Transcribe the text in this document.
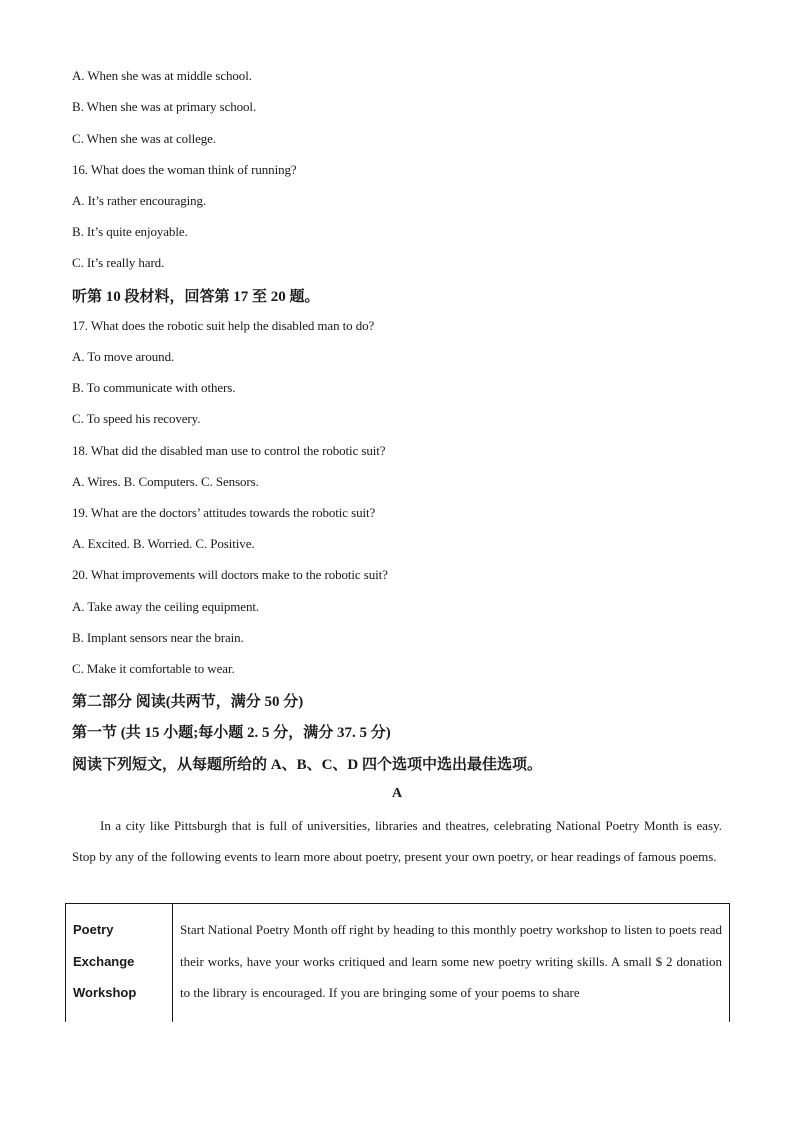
A. When she was at middle school.
B. When she was at primary school.
C. When she was at college.
16. What does the woman think of running?
A. It’s rather encouraging.
B. It’s quite enjoyable.
C. It’s really hard.
听第 10 段材料，回答第 17 至 20 题。
17. What does the robotic suit help the disabled man to do?
A. To move around.
B. To communicate with others.
C. To speed his recovery.
18. What did the disabled man use to control the robotic suit?
A. Wires. B. Computers. C. Sensors.
19. What are the doctors’ attitudes towards the robotic suit?
A. Excited. B. Worried. C. Positive.
20. What improvements will doctors make to the robotic suit?
A. Take away the ceiling equipment.
B. Implant sensors near the brain.
C. Make it comfortable to wear.
第二部分 阅读(共两节，满分 50 分)
第一节 (共 15 小题;每小题 2. 5 分，满分 37. 5 分)
阅读下列短文，从每题所给的 A、B、C、D 四个选项中选出最佳选项。
A
In a city like Pittsburgh that is full of universities, libraries and theatres, celebrating National Poetry Month is easy. Stop by any of the following events to learn more about poetry, present your own poetry, or hear readings of famous poems.
Poetry
Exchange
Workshop

Start National Poetry Month off right by heading to this monthly poetry workshop to listen to poets read their works, have your works critiqued and learn some new poetry writing skills. A small $ 2 donation to the library is encouraged. If you are bringing some of your poems to share
